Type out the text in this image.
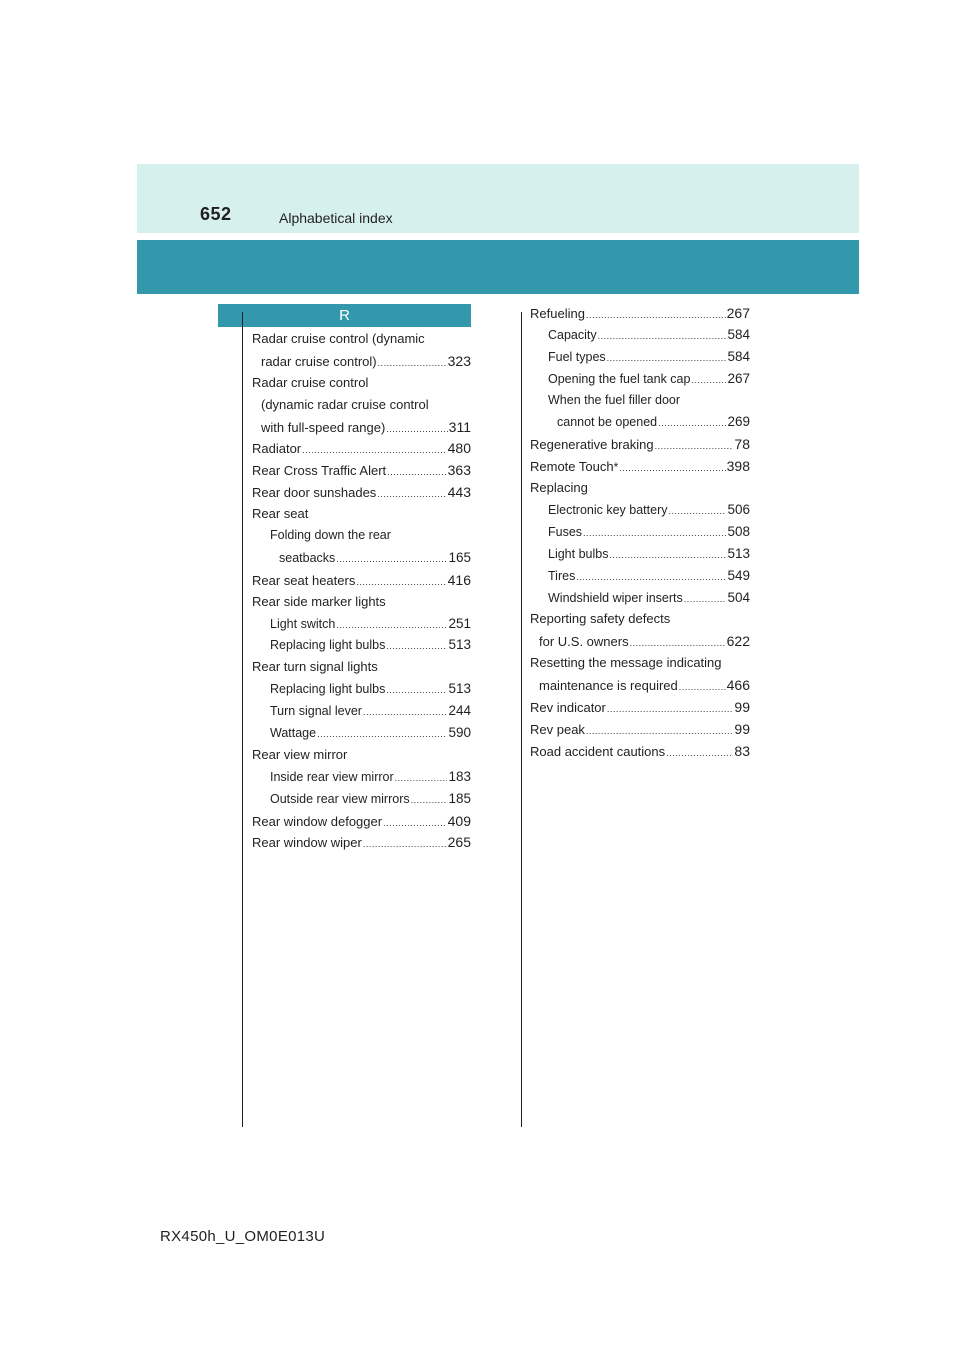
652	Alphabetical index
R
Radar cruise control (dynamic
radar cruise control) .....	323
Radar cruise control
(dynamic radar cruise control
with full-speed range) .....	311
Radiator .....	480
Rear Cross Traffic Alert .....	363
Rear door sunshades .....	443
Rear seat
Folding down the rear
seatbacks .....	165
Rear seat heaters .....	416
Rear side marker lights
Light switch .....	251
Replacing light bulbs .....	513
Rear turn signal lights
Replacing light bulbs .....	513
Turn signal lever .....	244
Wattage .....	590
Rear view mirror
Inside rear view mirror .....	183
Outside rear view mirrors .....	185
Rear window defogger .....	409
Rear window wiper .....	265
Refueling .....	267
Capacity .....	584
Fuel types .....	584
Opening the fuel tank cap .....	267
When the fuel filler door
cannot be opened .....	269
Regenerative braking .....	78
Remote Touch * .....	398
Replacing
Electronic key battery .....	506
Fuses .....	508
Light bulbs .....	513
Tires .....	549
Windshield wiper inserts .....	504
Reporting safety defects
for U.S. owners .....	622
Resetting the message indicating
maintenance is required .....	466
Rev indicator .....	99
Rev peak .....	99
Road accident cautions .....	83
RX450h_U_OM0E013U
